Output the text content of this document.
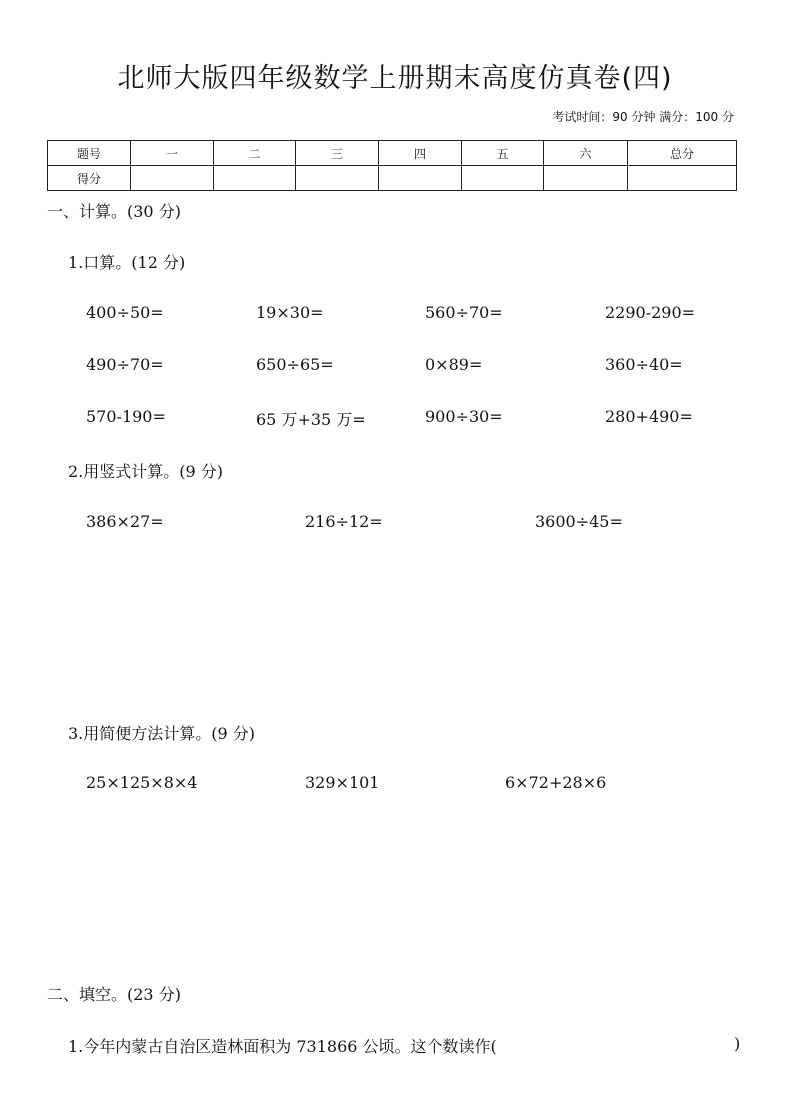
北师大版四年级数学上册期末高度仿真卷(四)
考试时间：90 分钟 满分：100 分
题号	一	二	三	四	五	六	总分
得分							
一、计算。(30 分)
1.口算。(12 分)
400÷50=	19×30=	560÷70=	2290-290=
490÷70=	650÷65=	0×89=	360÷40=
570-190=	65 万+35 万=	900÷30=	280+490=
2.用竖式计算。(9 分)
386×27=	216÷12=	3600÷45=
3.用简便方法计算。(9 分)
25×125×8×4	329×101	6×72+28×6
二、填空。(23 分)
1.今年内蒙古自治区造林面积为 731866 公顷。这个数读作(	)
